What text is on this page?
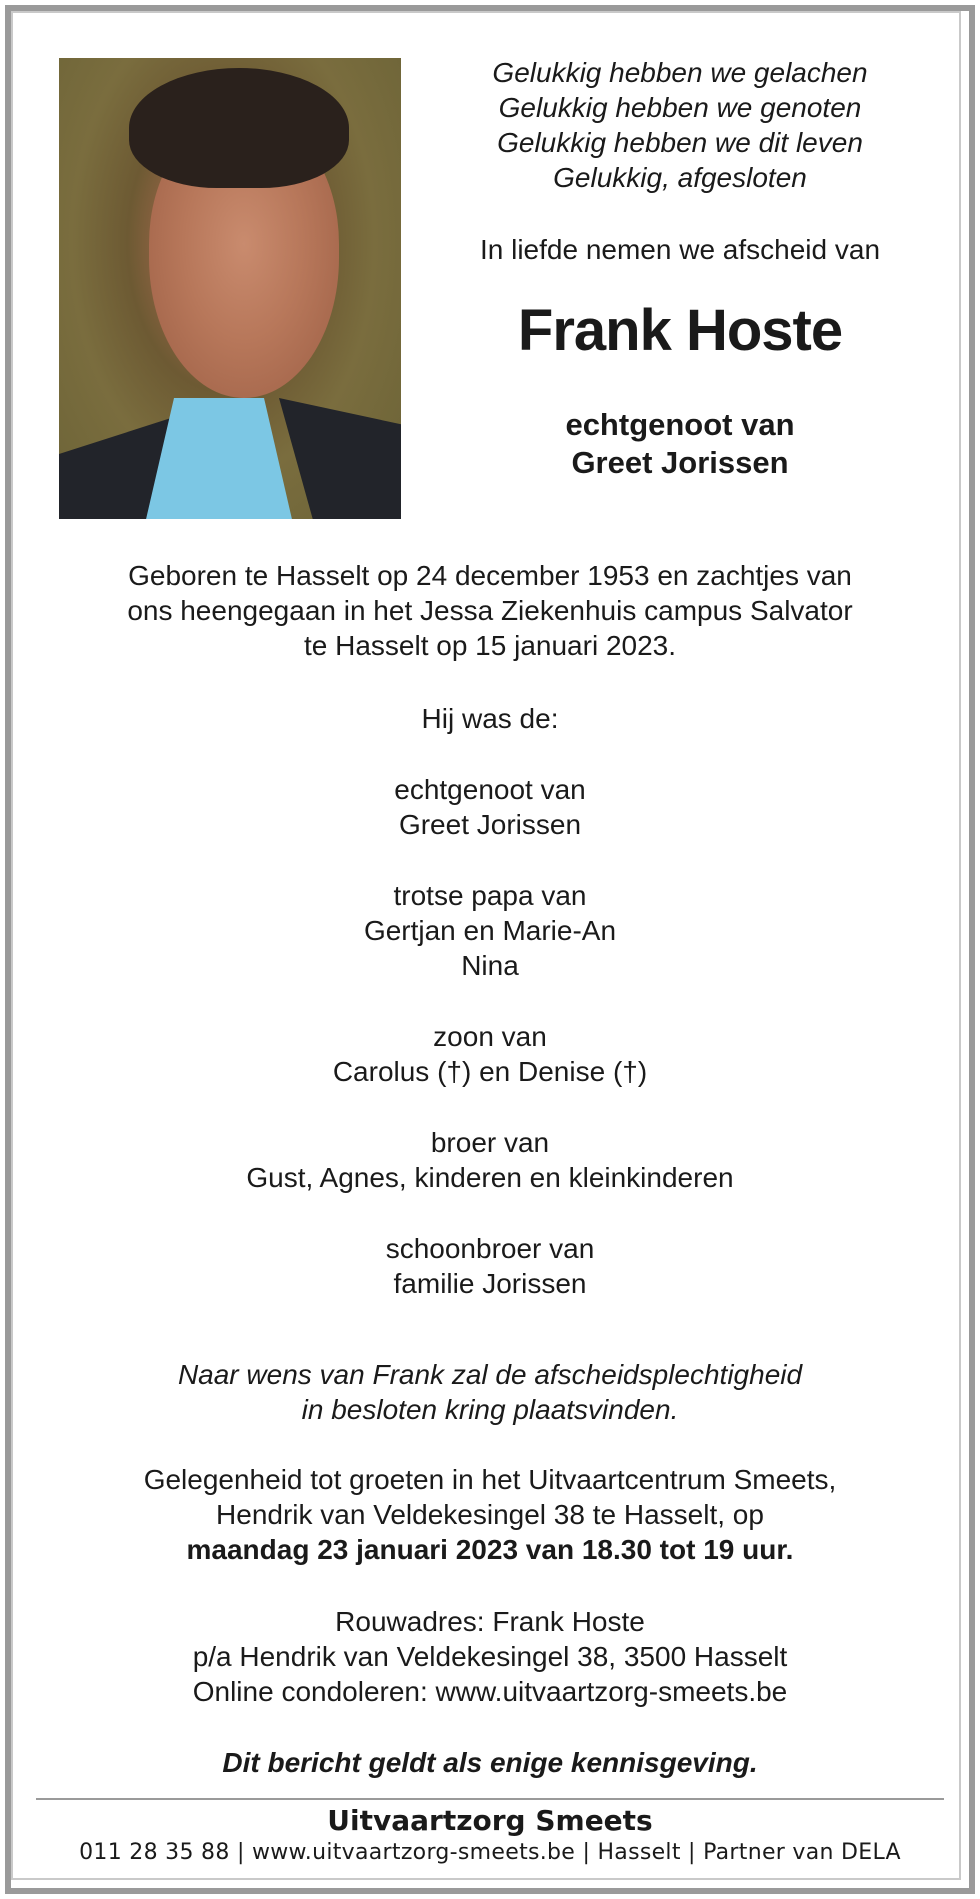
Gelukkig hebben we gelachen
Gelukkig hebben we genoten
Gelukkig hebben we dit leven
Gelukkig, afgesloten
In liefde nemen we afscheid van
Frank Hoste
echtgenoot van
Greet Jorissen
Geboren te Hasselt op 24 december 1953 en zachtjes van
ons heengegaan in het Jessa Ziekenhuis campus Salvator
te Hasselt op 15 januari 2023.
Hij was de:
echtgenoot van
Greet Jorissen
trotse papa van
Gertjan en Marie-An
Nina
zoon van
Carolus (†) en Denise (†)
broer van
Gust, Agnes, kinderen en kleinkinderen
schoonbroer van
familie Jorissen
Naar wens van Frank zal de afscheidsplechtigheid
in besloten kring plaatsvinden.
Gelegenheid tot groeten in het Uitvaartcentrum Smeets,
Hendrik van Veldekesingel 38 te Hasselt, op
maandag 23 januari 2023 van 18.30 tot 19 uur.
Rouwadres: Frank Hoste
p/a Hendrik van Veldekesingel 38, 3500 Hasselt
Online condoleren: www.uitvaartzorg-smeets.be
Dit bericht geldt als enige kennisgeving.
Uitvaartzorg Smeets
011 28 35 88 | www.uitvaartzorg-smeets.be | Hasselt | Partner van DELA
